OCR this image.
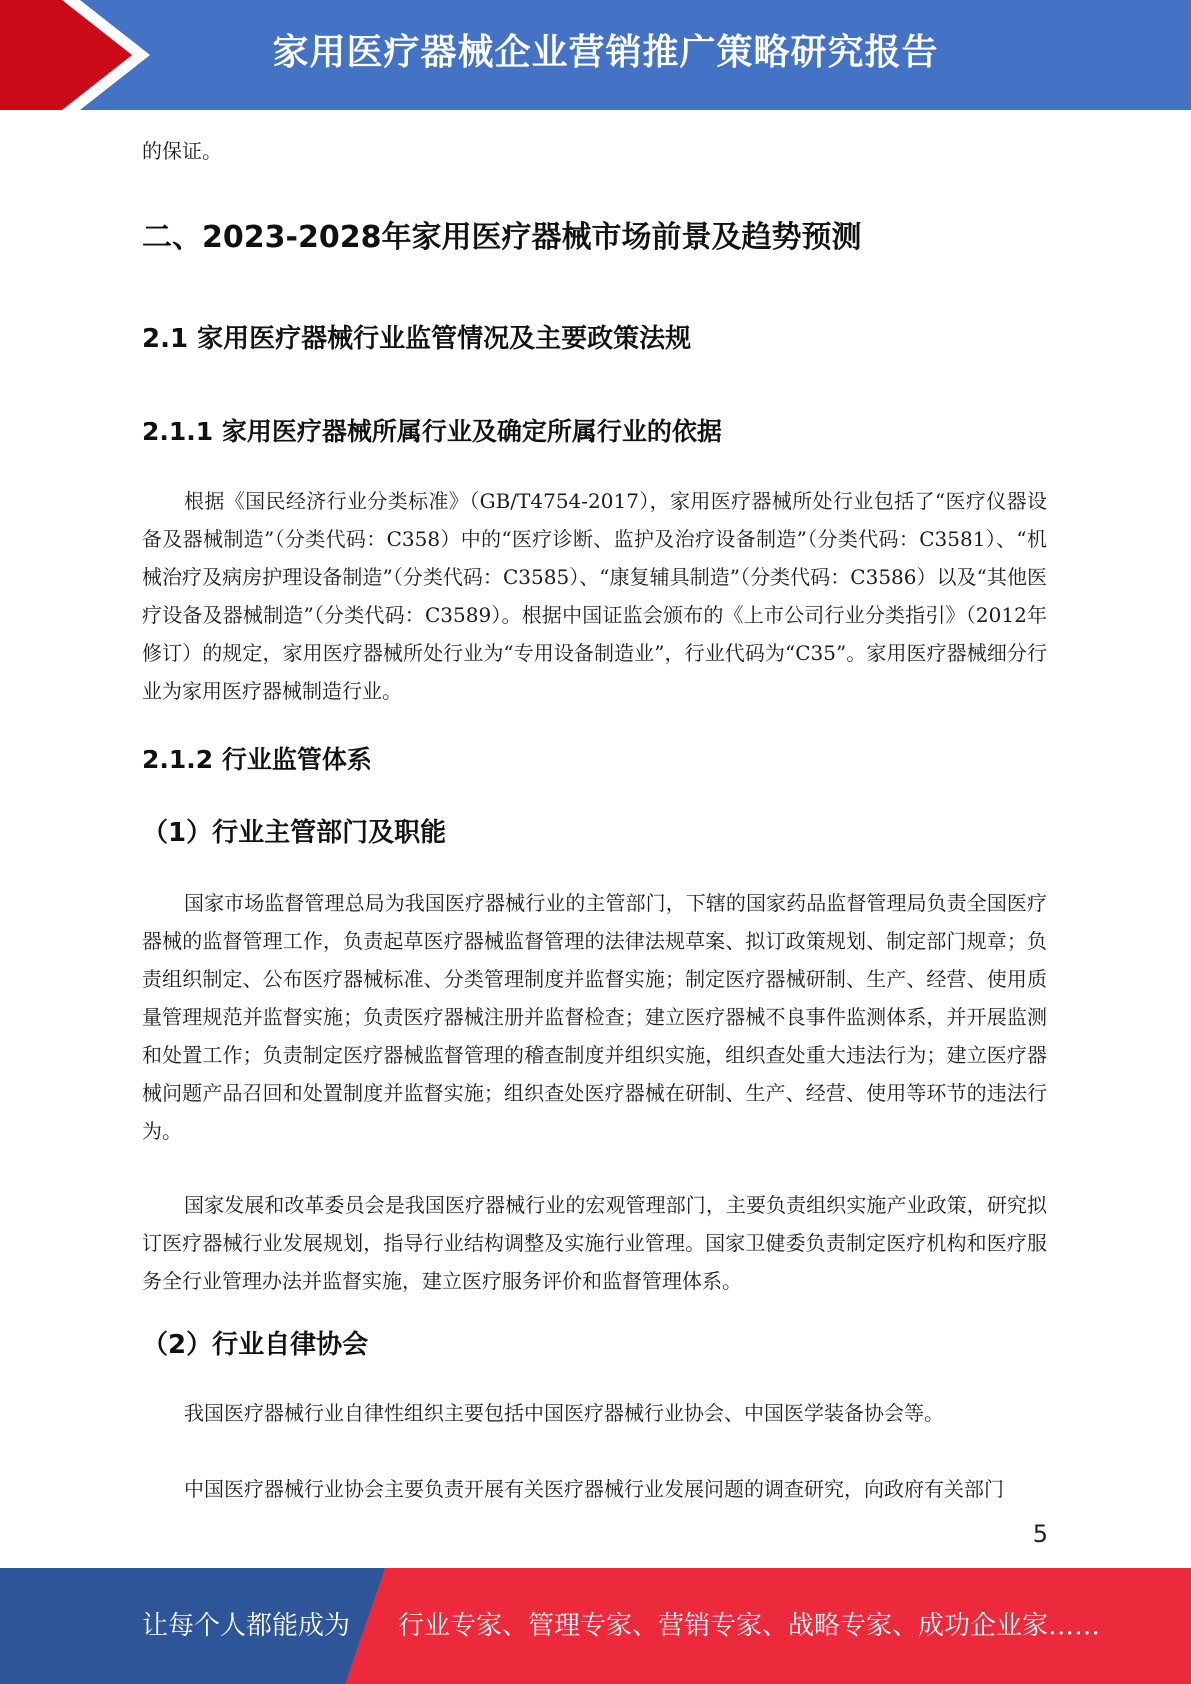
家用医疗器械企业营销推广策略研究报告

的保证。

二、2023-2028年家用医疗器械市场前景及趋势预测
2.1 家用医疗器械行业监管情况及主要政策法规
2.1.1 家用医疗器械所属行业及确定所属行业的依据

根据《国民经济行业分类标准》（GB/T4754-2017），家用医疗器械所处行业包括了“医疗仪器设备及器械制造”（分类代码：C358）中的“医疗诊断、监护及治疗设备制造”（分类代码：C3581）、“机械治疗及病房护理设备制造”（分类代码：C3585）、“康复辅具制造”（分类代码：C3586）以及“其他医疗设备及器械制造”（分类代码：C3589）。根据中国证监会颁布的《上市公司行业分类指引》（2012年修订）的规定，家用医疗器械所处行业为“专用设备制造业”，行业代码为“C35”。家用医疗器械细分行业为家用医疗器械制造行业。

2.1.2 行业监管体系
（1）行业主管部门及职能

国家市场监督管理总局为我国医疗器械行业的主管部门，下辖的国家药品监督管理局负责全国医疗器械的监督管理工作，负责起草医疗器械监督管理的法律法规草案、拟订政策规划、制定部门规章；负责组织制定、公布医疗器械标准、分类管理制度并监督实施；制定医疗器械研制、生产、经营、使用质量管理规范并监督实施；负责医疗器械注册并监督检查；建立医疗器械不良事件监测体系，并开展监测和处置工作；负责制定医疗器械监督管理的稽查制度并组织实施，组织查处重大违法行为；建立医疗器械问题产品召回和处置制度并监督实施；组织查处医疗器械在研制、生产、经营、使用等环节的违法行为。

国家发展和改革委员会是我国医疗器械行业的宏观管理部门，主要负责组织实施产业政策，研究拟订医疗器械行业发展规划，指导行业结构调整及实施行业管理。国家卫健委负责制定医疗机构和医疗服务全行业管理办法并监督实施，建立医疗服务评价和监督管理体系。

（2）行业自律协会

我国医疗器械行业自律性组织主要包括中国医疗器械行业协会、中国医学装备协会等。

中国医疗器械行业协会主要负责开展有关医疗器械行业发展问题的调查研究，向政府有关部门

5
让每个人都能成为 行业专家、管理专家、营销专家、战略专家、成功企业家……
